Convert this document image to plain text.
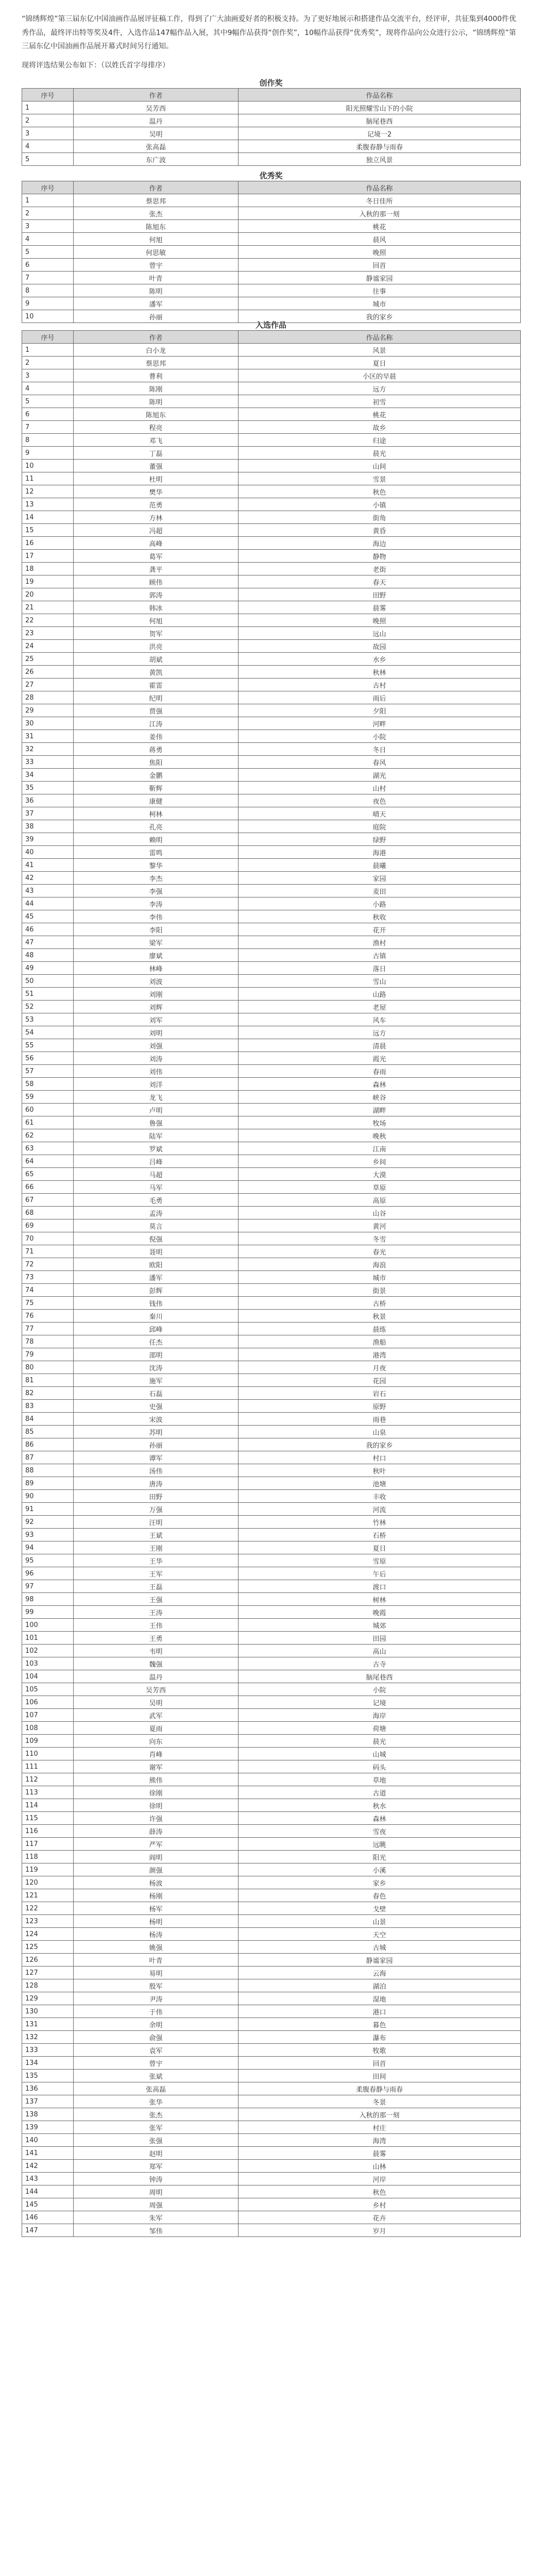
“锦绣辉煌”第三届东亿中国油画作品展评征稿工作，得到了广大油画爱好者的积极支持。为了更好地展示和搭建作品交流平台，经评审，共征集到4000件优秀作品，最终评出特等奖及4件，入选作品147幅作品入展，其中9幅作品获得“创作奖”，10幅作品获得“优秀奖”，现将作品向公众进行公示，“锦绣辉煌”第三届东亿中国油画作品展开幕式时间另行通知。

现将评选结果公布如下：（以姓氏首字母排序）

创作奖

序号	作者	作品名称
1	吴芳西	阳光照耀雪山下的小院
2	温丹	脑尾巷西
3	吴明	记境一2
4	张高磊	柔腹春静与雨春
5	东广波	独立风景

优秀奖

序号	作者	作品名称
1	蔡思邦	冬日佳所
2	张杰	入秋的那一刻
3	陈旭东	桃花
4	何旭	晨风
5	何思敏	晚照
6	曾宇	回首
7	叶青	静谧家园
8	陈明	往事
9	潘军	城市
10	孙丽	我的家乡

入选作品

序号	作者	作品名称
1	白小龙	风景
2	蔡思邦	夏日
3	曹利	小区的早晨
4	陈刚	远方
5	陈明	初雪
6	陈旭东	桃花
7	程亮	故乡
8	邓飞	归途
9	丁磊	晨光
10	董强	山间
11	杜明	雪景
12	樊华	秋色
13	范勇	小镇
14	方林	街角
15	冯超	黄昏
16	高峰	海边
17	葛军	静物
18	龚平	老街
19	顾伟	春天
20	郭涛	田野
21	韩冰	晨雾
22	何旭	晚照
23	贺军	远山
24	洪亮	故园
25	胡斌	水乡
26	黄凯	秋林
27	霍雷	古村
28	纪明	雨后
29	贾强	夕阳
30	江涛	河畔
31	姜伟	小院
32	蒋勇	冬日
33	焦阳	春风
34	金鹏	湖光
35	靳辉	山村
36	康健	夜色
37	柯林	晴天
38	孔亮	庭院
39	赖明	绿野
40	雷鸣	海港
41	黎华	晨曦
42	李杰	家园
43	李强	麦田
44	李涛	小路
45	李伟	秋收
46	李阳	花开
47	梁军	渔村
48	廖斌	古镇
49	林峰	落日
50	刘波	雪山
51	刘刚	山路
52	刘辉	老屋
53	刘军	风车
54	刘明	远方
55	刘强	清晨
56	刘涛	霞光
57	刘伟	春雨
58	刘洋	森林
59	龙飞	峡谷
60	卢明	湖畔
61	鲁强	牧场
62	陆军	晚秋
63	罗斌	江南
64	吕峰	乡间
65	马超	大漠
66	马军	草原
67	毛勇	高原
68	孟涛	山谷
69	莫言	黄河
70	倪强	冬雪
71	聂明	春光
72	欧阳	海浪
73	潘军	城市
74	彭辉	街景
75	钱伟	古桥
76	秦川	秋景
77	邱峰	晨练
78	任杰	渔船
79	邵明	港湾
80	沈涛	月夜
81	施军	花园
82	石磊	岩石
83	史强	原野
84	宋波	雨巷
85	苏明	山泉
86	孙丽	我的家乡
87	谭军	村口
88	汤伟	秋叶
89	唐涛	池塘
90	田野	丰收
91	万强	河流
92	汪明	竹林
93	王斌	石桥
94	王刚	夏日
95	王华	雪原
96	王军	午后
97	王磊	渡口
98	王强	树林
99	王涛	晚霞
100	王伟	城郊
101	王勇	田园
102	韦明	高山
103	魏强	古寺
104	温丹	脑尾巷西
105	吴芳西	小院
106	吴明	记境
107	武军	海岸
108	夏雨	荷塘
109	向东	晨光
110	肖峰	山城
111	谢军	码头
112	熊伟	草地
113	徐刚	古道
114	徐明	秋水
115	许强	森林
116	薛涛	雪夜
117	严军	远眺
118	阎明	阳光
119	颜强	小溪
120	杨波	家乡
121	杨刚	春色
122	杨军	戈壁
123	杨明	山景
124	杨涛	天空
125	姚强	古城
126	叶青	静谧家园
127	易明	云海
128	殷军	湖泊
129	尹涛	湿地
130	于伟	港口
131	余明	暮色
132	俞强	瀑布
133	袁军	牧歌
134	曾宇	回首
135	张斌	田间
136	张高磊	柔腹春静与雨春
137	张华	冬景
138	张杰	入秋的那一刻
139	张军	村庄
140	张强	海湾
141	赵明	晨雾
142	郑军	山林
143	钟涛	河岸
144	周明	秋色
145	周强	乡村
146	朱军	花卉
147	邹伟	岁月
